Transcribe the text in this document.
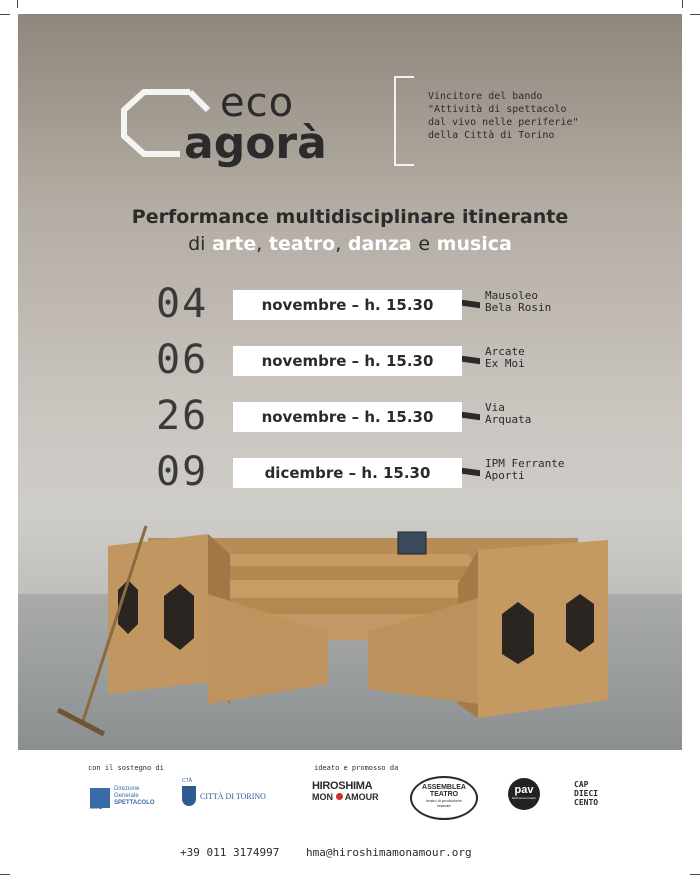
eco
agorà
Vincitore del bando
"Attività di spettacolo
dal vivo nelle periferie"
della Città di Torino
Performance multidisciplinare itinerante
di arte, teatro, danza e musica
04	novembre – h. 15.30
Mausoleo
Bela Rosin
06	novembre – h. 15.30
Arcate
Ex Moi
26	novembre – h. 15.30
Via
Arquata
09	dicembre – h. 15.30
IPM Ferrante
Aporti
con il sostegno di	ideato e promosso da
MiC
Direzione
Generale
SPETTACOLO
CTÀ
CITTÀ DI TORINO
HIROSHIMA
MON AMOUR
ASSEMBLEA
TEATRO
teatro di produzione
teatrale
pav
fertili terreni teatro
CAP
DIECI
CENTO
+39 011 3174997 hma@hiroshimamonamour.org
